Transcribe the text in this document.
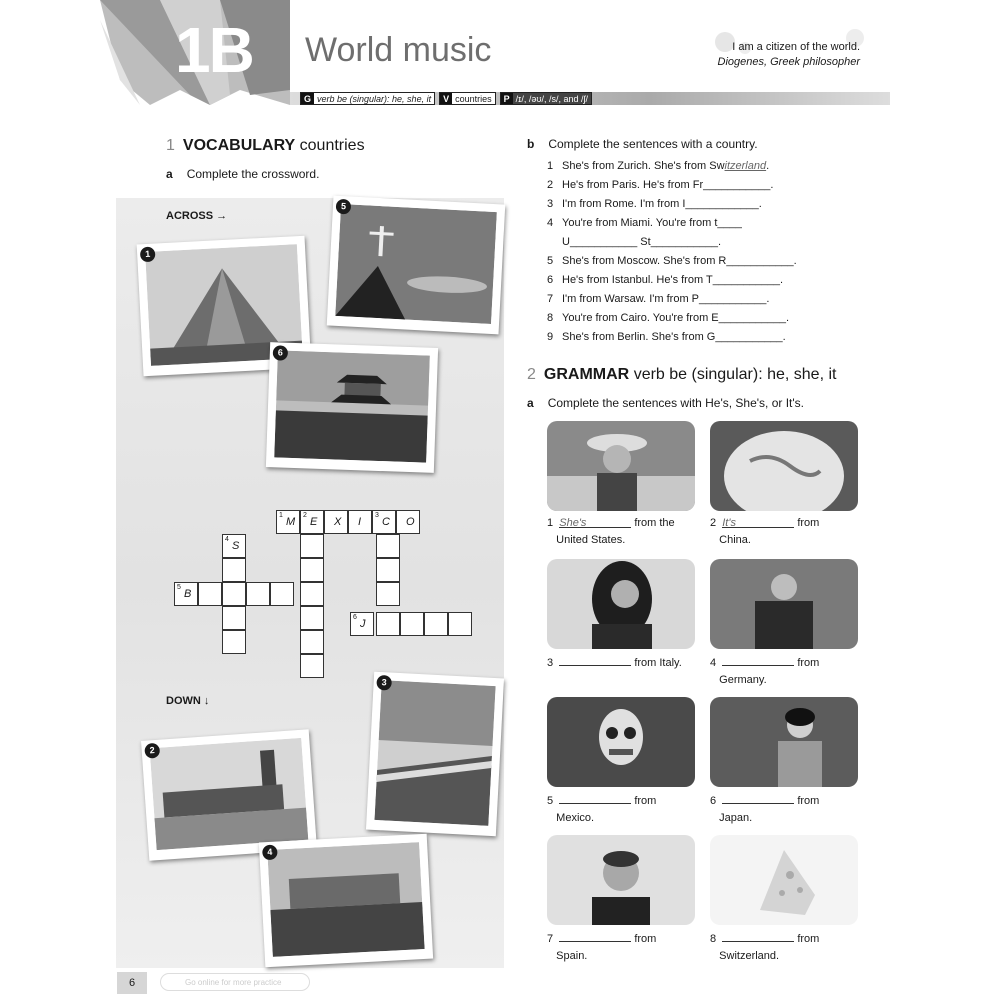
1B World music	I am a citizen of the world.
Diogenes, Greek philosopher
G verb be (singular): he, she, it	V countries	P /ɪ/, /əʊ/, /s/, and /ʃ/
1 VOCABULARY countries
a Complete the crossword.
ACROSS →
DOWN ↓
1
5
6
2
3
4
1
M
2
E X I
3
C O
4
S
5
B
6
J
b Complete the sentences with a country.
1 She's from Zurich. She's from Switzerland.
2 He's from Paris. He's from Fr___________.
3 I'm from Rome. I'm from I____________.
4 You're from Miami. You're from t____
U___________ St___________.
5 She's from Moscow. She's from R___________.
6 He's from Istanbul. He's from T___________.
7 I'm from Warsaw. I'm from P___________.
8 You're from Cairo. You're from E___________.
9 She's from Berlin. She's from G___________.
2 GRAMMAR verb be (singular): he, she, it
a Complete the sentences with He's, She's, or It's.
1 She's	from the
United States.
2 It's	from
China.
3	from Italy.	4	from
Germany.
5	from
Mexico.
6	from
Japan.
7	from
Spain.
8	from
Switzerland.
6	Go online for more practice
